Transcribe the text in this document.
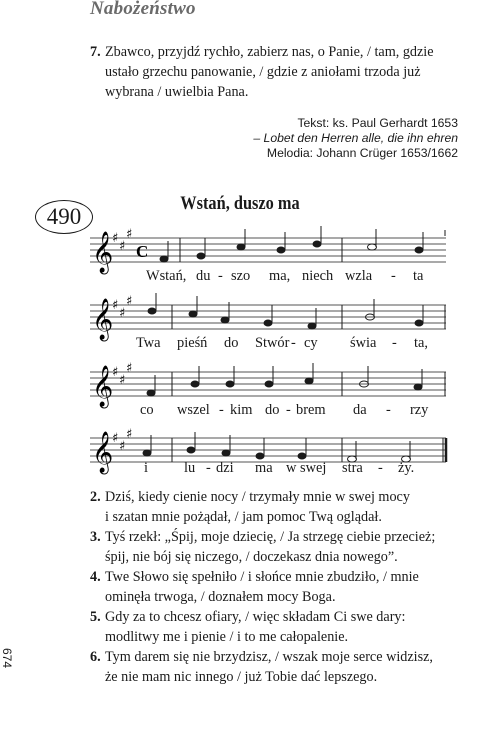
Nabożeństwo
7. Zbawco, przyjdź rychło, zabierz nas, o Panie, / tam, gdzie
ustało grzechu panowanie, / gdzie z aniołami trzoda już
wybrana / uwielbia Pana.
Tekst: ks. Paul Gerhardt 1653
– Lobet den Herren alle, die ihn ehren
Melodia: Johann Crüger 1653/1662
490
Wstań, duszo ma
𝄞
♯
♯
♯
C
𝄞
♯
♯
♯
𝄞
♯
♯
♯
𝄞
♯
♯
♯
Wstań, du - szo ma, niech wzla - ta
Twa pieśń do Stwór - cy świa - ta,
co wszel - kim do - brem da - rzy
i	lu - dzi ma w swej stra - ży.
2. Dziś, kiedy cienie nocy / trzymały mnie w swej mocy
i szatan mnie pożądał, / jam pomoc Twą oglądał.
3. Tyś rzekł: „Śpij, moje dziecię, / Ja strzegę ciebie przecież;
śpij, nie bój się niczego, / doczekasz dnia nowego”.
4. Twe Słowo się spełniło / i słońce mnie zbudziło, / mnie
ominęła trwoga, / doznałem mocy Boga.
5. Gdy za to chcesz ofiary, / więc składam Ci swe dary:
modlitwy me i pienie / i to me całopalenie.
6. Tym darem się nie brzydzisz, / wszak moje serce widzisz,
że nie mam nic innego / już Tobie dać lepszego.
674
